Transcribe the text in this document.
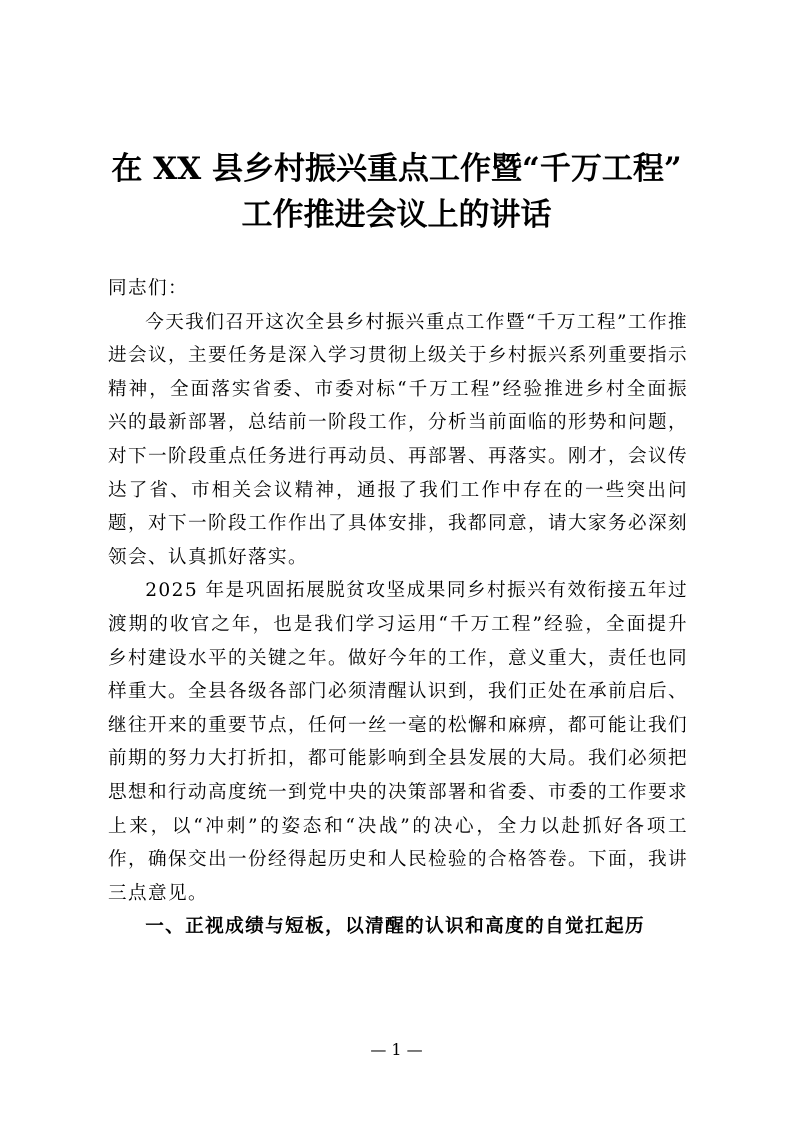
在 XX 县乡村振兴重点工作暨“千万工程”
工作推进会议上的讲话

同志们：

今天我们召开这次全县乡村振兴重点工作暨“千万工程”工作推进会议，主要任务是深入学习贯彻上级关于乡村振兴系列重要指示精神，全面落实省委、市委对标“千万工程”经验推进乡村全面振兴的最新部署，总结前一阶段工作，分析当前面临的形势和问题，对下一阶段重点任务进行再动员、再部署、再落实。刚才，会议传达了省、市相关会议精神，通报了我们工作中存在的一些突出问题，对下一阶段工作作出了具体安排，我都同意，请大家务必深刻领会、认真抓好落实。

2025 年是巩固拓展脱贫攻坚成果同乡村振兴有效衔接五年过渡期的收官之年，也是我们学习运用“千万工程”经验，全面提升乡村建设水平的关键之年。做好今年的工作，意义重大，责任也同样重大。全县各级各部门必须清醒认识到，我们正处在承前启后、继往开来的重要节点，任何一丝一毫的松懈和麻痹，都可能让我们前期的努力大打折扣，都可能影响到全县发展的大局。我们必须把思想和行动高度统一到党中央的决策部署和省委、市委的工作要求上来，以“冲刺”的姿态和“决战”的决心，全力以赴抓好各项工作，确保交出一份经得起历史和人民检验的合格答卷。下面，我讲三点意见。

一、正视成绩与短板，以清醒的认识和高度的自觉扛起历

— 1 —
